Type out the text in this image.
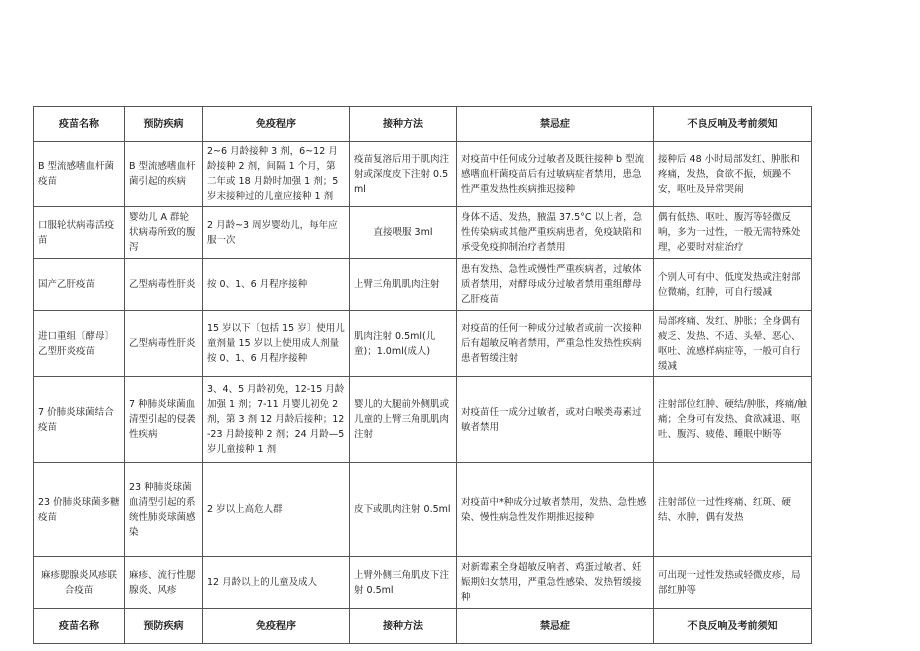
疫苗名称	预防疾病	免疫程序	接种方法	禁忌症	不良反响及考前须知
B 型流感嗜血杆菌疫苗	B 型流感嗜血杆菌引起的疾病	2~6 月龄接种 3 剂，6~12 月龄接种 2 剂，间隔 1 个月，第二年或 18 月龄时加强 1 剂；5 岁末接种过的儿童应接种 1 剂	疫苗复溶后用于肌肉注射或深度皮下注射 0.5ml	对疫苗中任何成分过敏者及既往接种 b 型流感嗜血杆菌疫苗后有过敏病症者禁用，患急性严重发热性疾病推迟接种	接种后 48 小时局部发红、肿胀和疼痛，发热，食欲不振，烦躁不安，呕吐及异常哭闹
口服轮状病毒活疫苗	婴幼儿 A 群轮状病毒所致的腹泻	2 月龄~3 周岁婴幼儿，每年应服一次	直接喂服 3ml	身体不适、发热，腋温 37.5°C 以上者，急性传染病或其他严重疾病患者，免疫缺陷和承受免疫抑制治疗者禁用	偶有低热、呕吐、腹泻等轻微反响，多为一过性，一般无需特殊处理，必要时对症治疗
国产乙肝疫苗	乙型病毒性肝炎	按 0、1、6 月程序接种	上臂三角肌肌肉注射	患有发热、急性或慢性严重疾病者，过敏体质者禁用，对酵母成分过敏者禁用重组酵母乙肝疫苗	个别人可有中、低度发热或注射部位微痛，红肿，可自行缓减
进口重组〔酵母〕乙型肝炎疫苗	乙型病毒性肝炎	15 岁以下〔包括 15 岁〕使用儿童剂量 15 岁以上使用成人剂量按 0、1、6 月程序接种	肌肉注射 0.5ml(儿童)；1.0ml(成人)	对疫苗的任何一种成分过敏者或前一次接种后有超敏反响者禁用，严重急性发热性疾病患者暂缓注射	局部疼痛、发红、肿胀；全身偶有疲乏、发热、不适、头晕、恶心、呕吐、流感样病症等，一般可自行缓减
7 价肺炎球菌结合疫苗	7 种肺炎球菌血清型引起的侵袭性疾病	3、4、5 月龄初免，12-15 月龄加强 1 剂；7-11 月婴儿初免 2 剂，第 3 剂 12 月龄后接种；12-23 月龄接种 2 剂；24 月龄—5 岁儿童接种 1 剂	婴儿的大腿前外侧肌或儿童的上臂三角肌肌肉注射	对疫苗任一成分过敏者，或对白喉类毒素过敏者禁用	注射部位红肿、硬结/肿胀，疼痛/触痛；全身可有发热、食欲减退、呕吐、腹泻、疲倦、睡眠中断等
23 价肺炎球菌多糖疫苗	23 种肺炎球菌血清型引起的系统性肺炎球菌感染	2 岁以上高危人群	皮下或肌肉注射 0.5ml	对疫苗中*种成分过敏者禁用，发热、急性感染、慢性病急性发作期推迟接种	注射部位一过性疼痛、红斑、硬结、水肿，偶有发热
麻疹腮腺炎风疹联合疫苗	麻疹、流行性腮腺炎、风疹	12 月龄以上的儿童及成人	上臂外侧三角肌皮下注射 0.5ml	对新霉素全身超敏反响者、鸡蛋过敏者、妊娠期妇女禁用，严重急性感染、发热暂缓接种	可出现一过性发热或轻微皮疹，局部红肿等
疫苗名称	预防疾病	免疫程序	接种方法	禁忌症	不良反响及考前须知
